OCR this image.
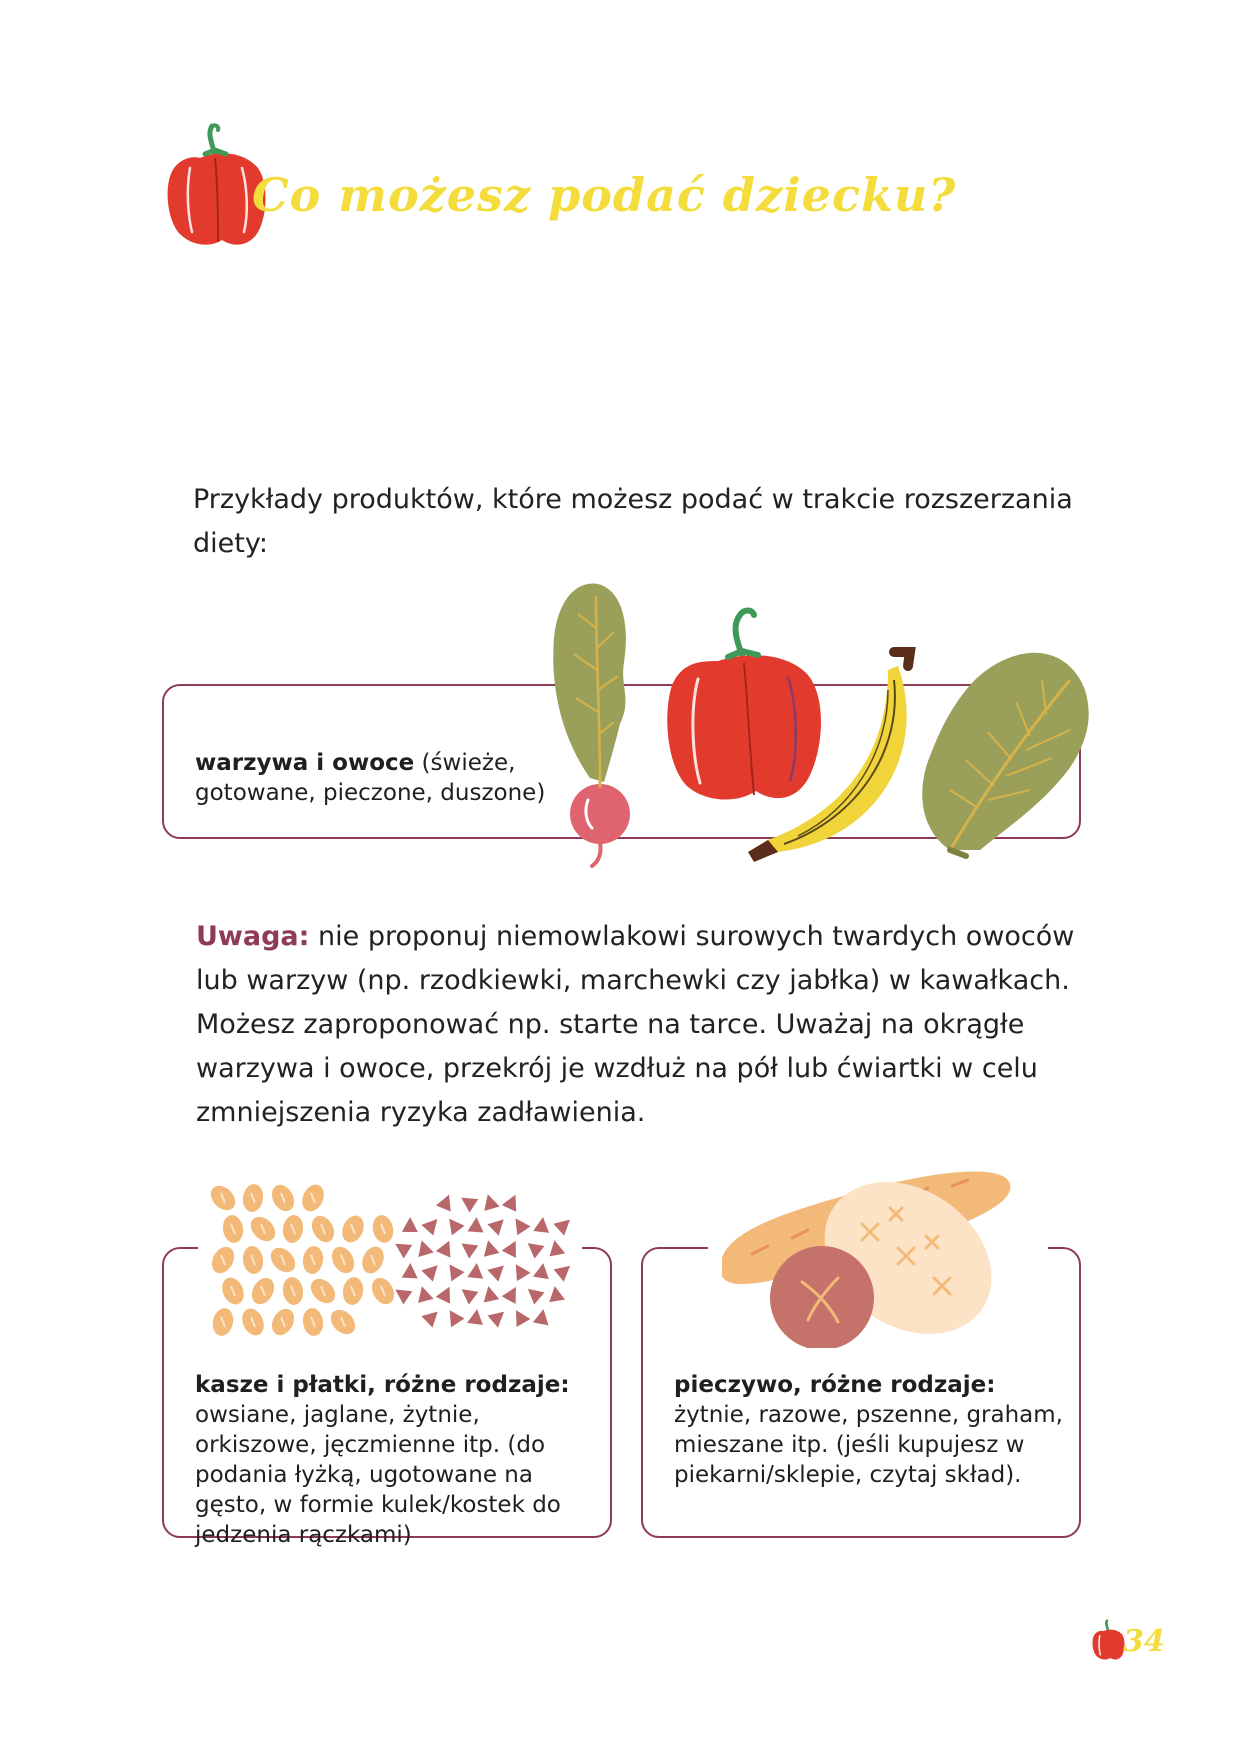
Co możesz podać dziecku?

Przykłady produktów, które możesz podać w trakcie rozszerzania diety:

warzywa i owoce (świeże, gotowane, pieczone, duszone)

Uwaga: nie proponuj niemowlakowi surowych twardych owoców lub warzyw (np. rzodkiewki, marchewki czy jabłka) w kawałkach. Możesz zaproponować np. starte na tarce. Uważaj na okrągłe warzywa i owoce, przekrój je wzdłuż na pół lub ćwiartki w celu zmniejszenia ryzyka zadławienia.

kasze i płatki, różne rodzaje: owsiane, jaglane, żytnie, orkiszowe, jęczmienne itp. (do podania łyżką, ugotowane na gęsto, w formie kulek/kostek do jedzenia rączkami)
pieczywo, różne rodzaje: żytnie, razowe, pszenne, graham, mieszane itp. (jeśli kupujesz w piekarni/sklepie, czytaj skład).
34
